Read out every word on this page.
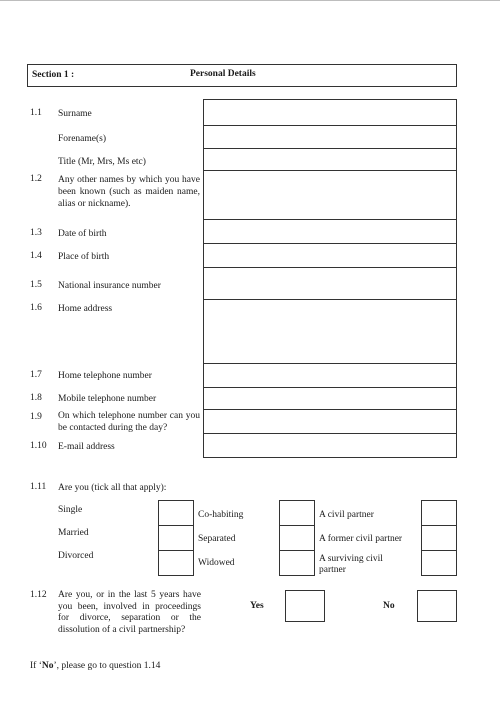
Section 1 :	Personal Details
1.1 Surname
Forename(s)
Title (Mr, Mrs, Ms etc)
1.2 Any other names by which you have been known (such as maiden name, alias or nickname).
1.3 Date of birth
1.4 Place of birth
1.5 National insurance number
1.6 Home address
1.7 Home telephone number
1.8 Mobile telephone number
1.9 On which telephone number can you be contacted during the day?
1.10 E-mail address
1.11 Are you (tick all that apply):
Single
Married
Divorced
Co-habiting
Separated
Widowed
A civil partner
A former civil partner
A surviving civil partner
1.12 Are you, or in the last 5 years have you been, involved in proceedings for divorce, separation or the dissolution of a civil partnership?
Yes	No
If ‘No’, please go to question 1.14
